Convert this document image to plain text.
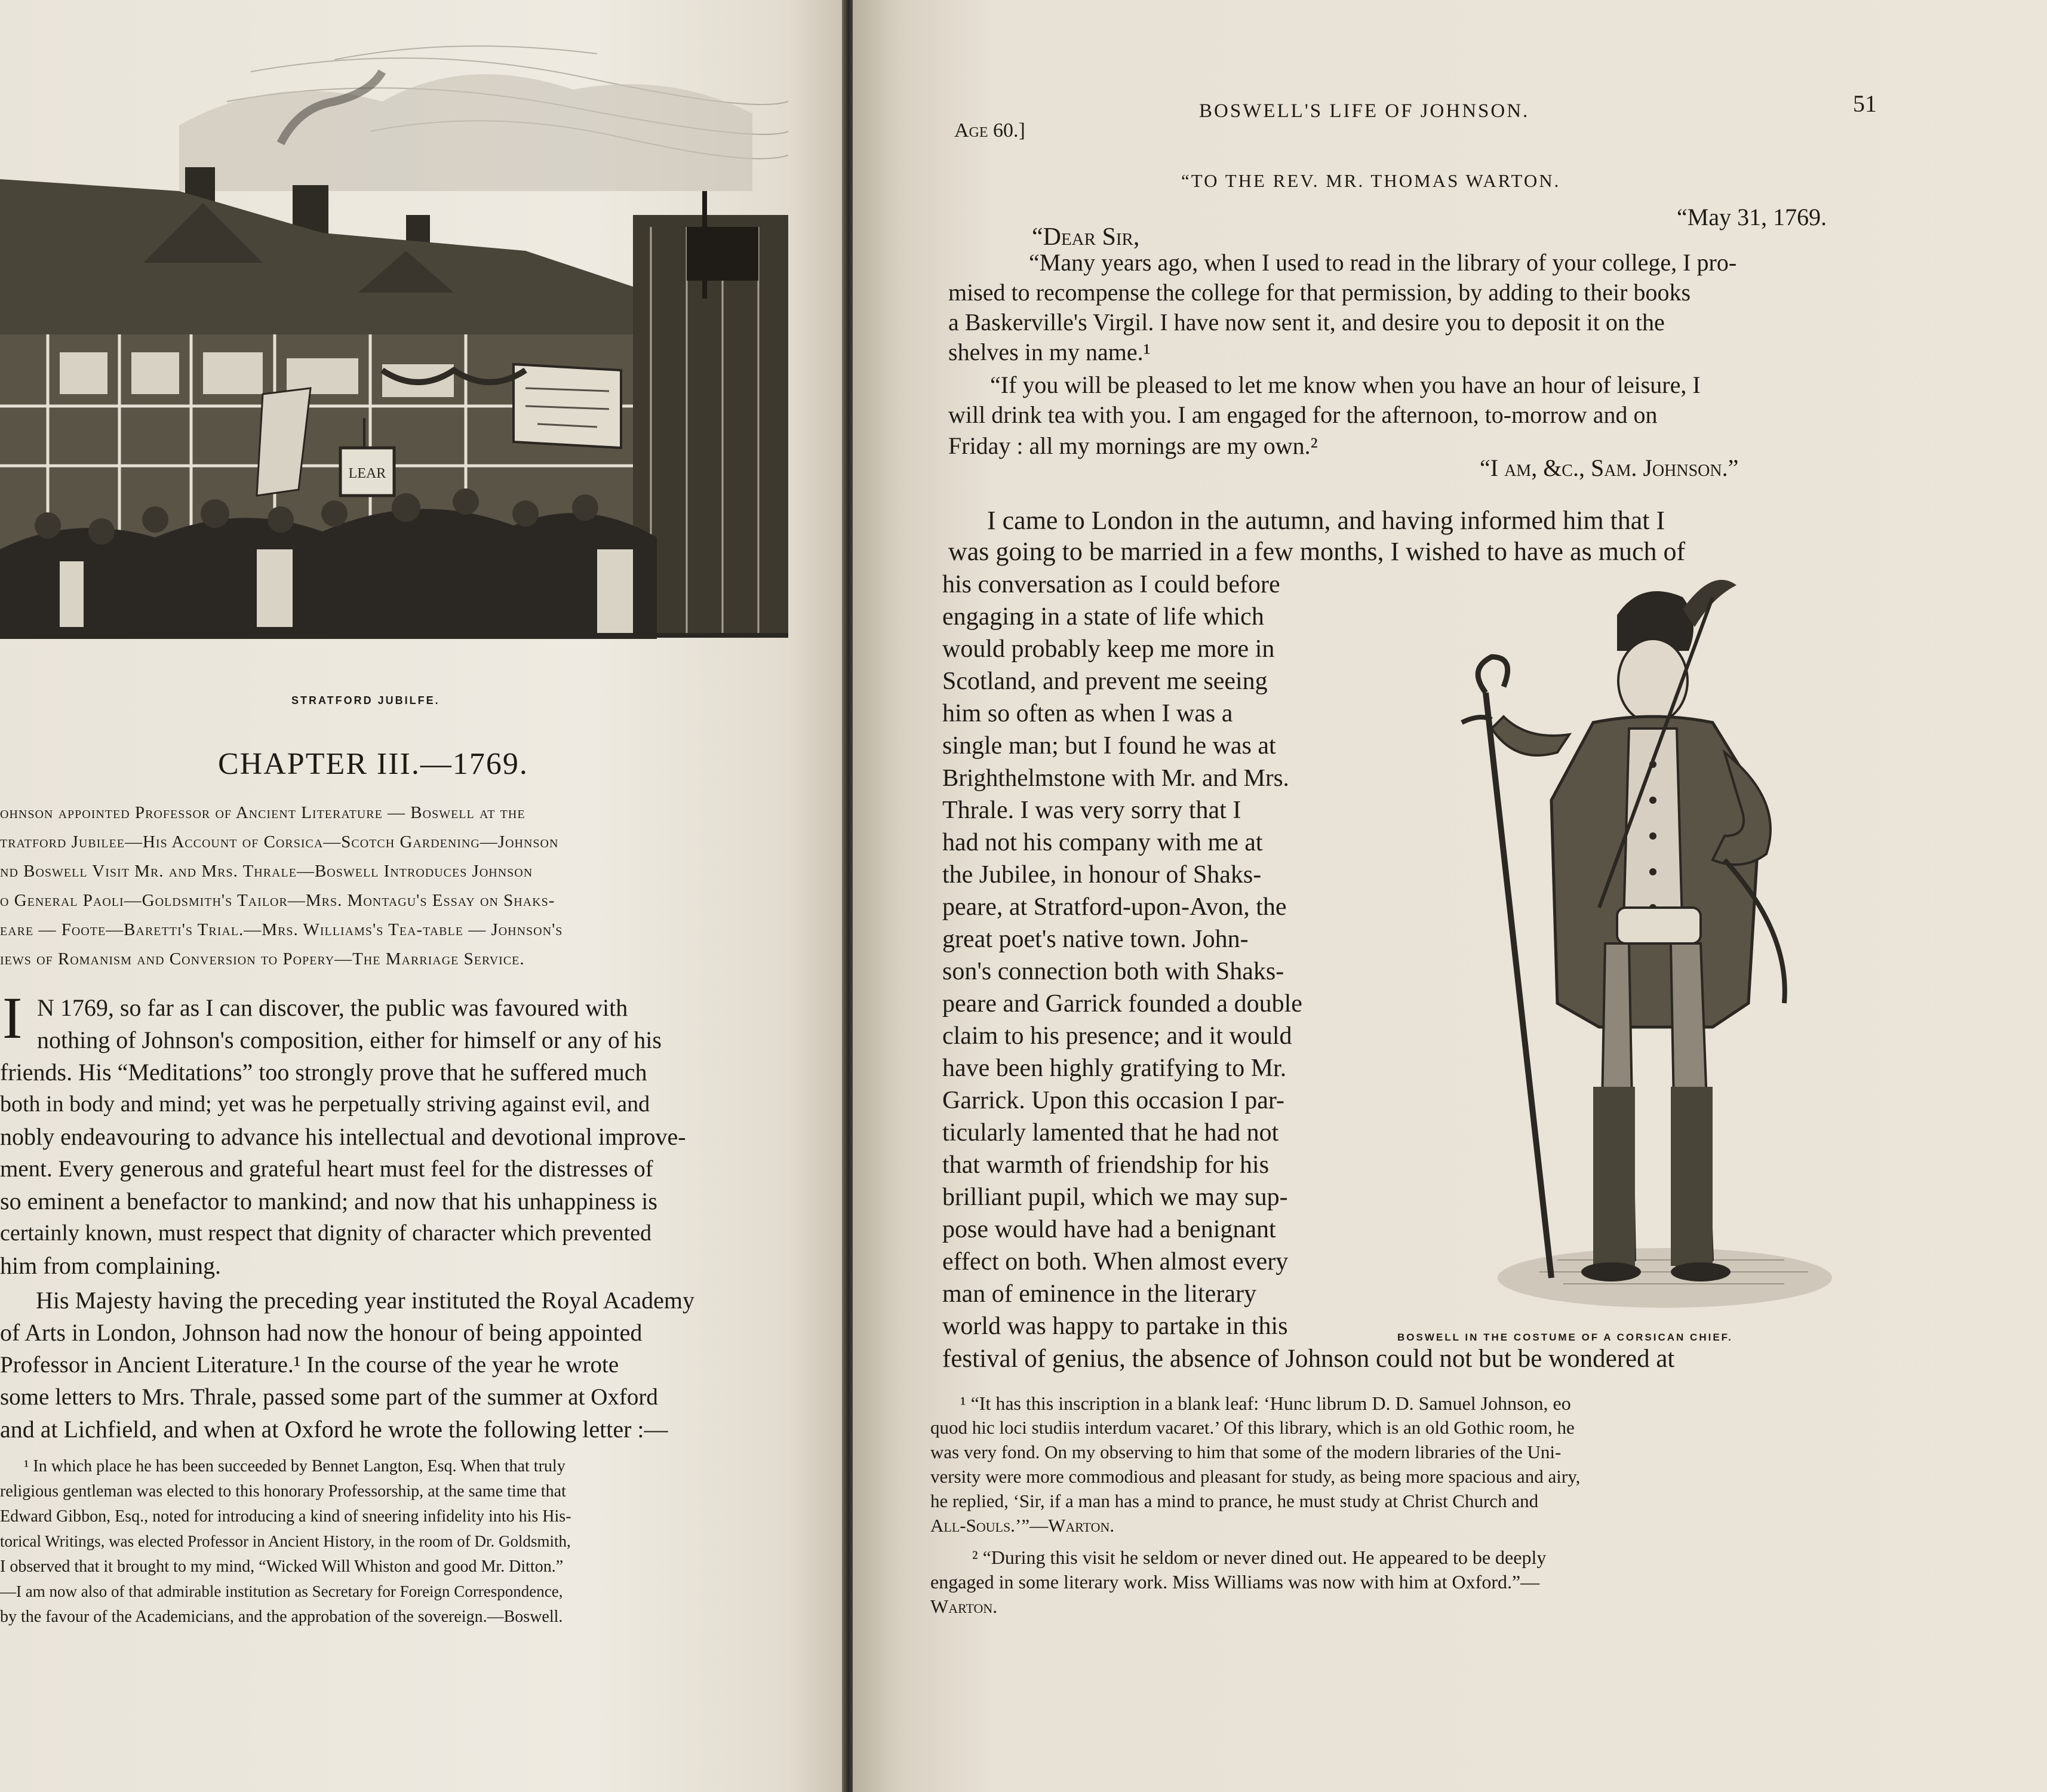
LEAR
STRATFORD JUBILFE.
CHAPTER III.—1769.
ohnson appointed Professor of Ancient Literature — Boswell at the
tratford Jubilee—His Account of Corsica—Scotch Gardening—Johnson
nd Boswell Visit Mr. and Mrs. Thrale—Boswell Introduces Johnson
o General Paoli—Goldsmith's Tailor—Mrs. Montagu's Essay on Shaks-
eare — Foote—Baretti's Trial.—Mrs. Williams's Tea-table — Johnson's
iews of Romanism and Conversion to Popery—The Marriage Service.
I N 1769, so far as I can discover, the public was favoured with
nothing of Johnson's composition, either for himself or any of his
friends. His “Meditations” too strongly prove that he suffered much
both in body and mind; yet was he perpetually striving against evil, and
nobly endeavouring to advance his intellectual and devotional improve-
ment. Every generous and grateful heart must feel for the distresses of
so eminent a benefactor to mankind; and now that his unhappiness is
certainly known, must respect that dignity of character which prevented
him from complaining.
His Majesty having the preceding year instituted the Royal Academy
of Arts in London, Johnson had now the honour of being appointed
Professor in Ancient Literature.¹ In the course of the year he wrote
some letters to Mrs. Thrale, passed some part of the summer at Oxford
and at Lichfield, and when at Oxford he wrote the following letter :—
¹ In which place he has been succeeded by Bennet Langton, Esq. When that truly
religious gentleman was elected to this honorary Professorship, at the same time that
Edward Gibbon, Esq., noted for introducing a kind of sneering infidelity into his His-
torical Writings, was elected Professor in Ancient History, in the room of Dr. Goldsmith,
I observed that it brought to my mind, “Wicked Will Whiston and good Mr. Ditton.”
—I am now also of that admirable institution as Secretary for Foreign Correspondence,
by the favour of the Academicians, and the approbation of the sovereign.—Boswell.
Age 60.]
BOSWELL'S LIFE OF JOHNSON.	51
“TO THE REV. MR. THOMAS WARTON.
“May 31, 1769.
“Dear Sir,
“Many years ago, when I used to read in the library of your college, I pro-
mised to recompense the college for that permission, by adding to their books
a Baskerville's Virgil. I have now sent it, and desire you to deposit it on the
shelves in my name.¹
“If you will be pleased to let me know when you have an hour of leisure, I
will drink tea with you. I am engaged for the afternoon, to-morrow and on
Friday : all my mornings are my own.²
“I am, &c., Sam. Johnson.”
I came to London in the autumn, and having informed him that I
was going to be married in a few months, I wished to have as much of
his conversation as I could before
engaging in a state of life which
would probably keep me more in
Scotland, and prevent me seeing
him so often as when I was a
single man; but I found he was at
Brighthelmstone with Mr. and Mrs.
Thrale. I was very sorry that I
had not his company with me at
the Jubilee, in honour of Shaks-
peare, at Stratford-upon-Avon, the
great poet's native town. John-
son's connection both with Shaks-
peare and Garrick founded a double
claim to his presence; and it would
have been highly gratifying to Mr.
Garrick. Upon this occasion I par-
ticularly lamented that he had not
that warmth of friendship for his
brilliant pupil, which we may sup-
pose would have had a benignant
effect on both. When almost every
man of eminence in the literary
world was happy to partake in this
festival of genius, the absence of Johnson could not but be wondered at
BOSWELL IN THE COSTUME OF A CORSICAN CHIEF.
¹ “It has this inscription in a blank leaf: ‘Hunc librum D. D. Samuel Johnson, eo
quod hic loci studiis interdum vacaret.’ Of this library, which is an old Gothic room, he
was very fond. On my observing to him that some of the modern libraries of the Uni-
versity were more commodious and pleasant for study, as being more spacious and airy,
he replied, ‘Sir, if a man has a mind to prance, he must study at Christ Church and
All-Souls.’”—Warton.
² “During this visit he seldom or never dined out. He appeared to be deeply
engaged in some literary work. Miss Williams was now with him at Oxford.”—
Warton.
